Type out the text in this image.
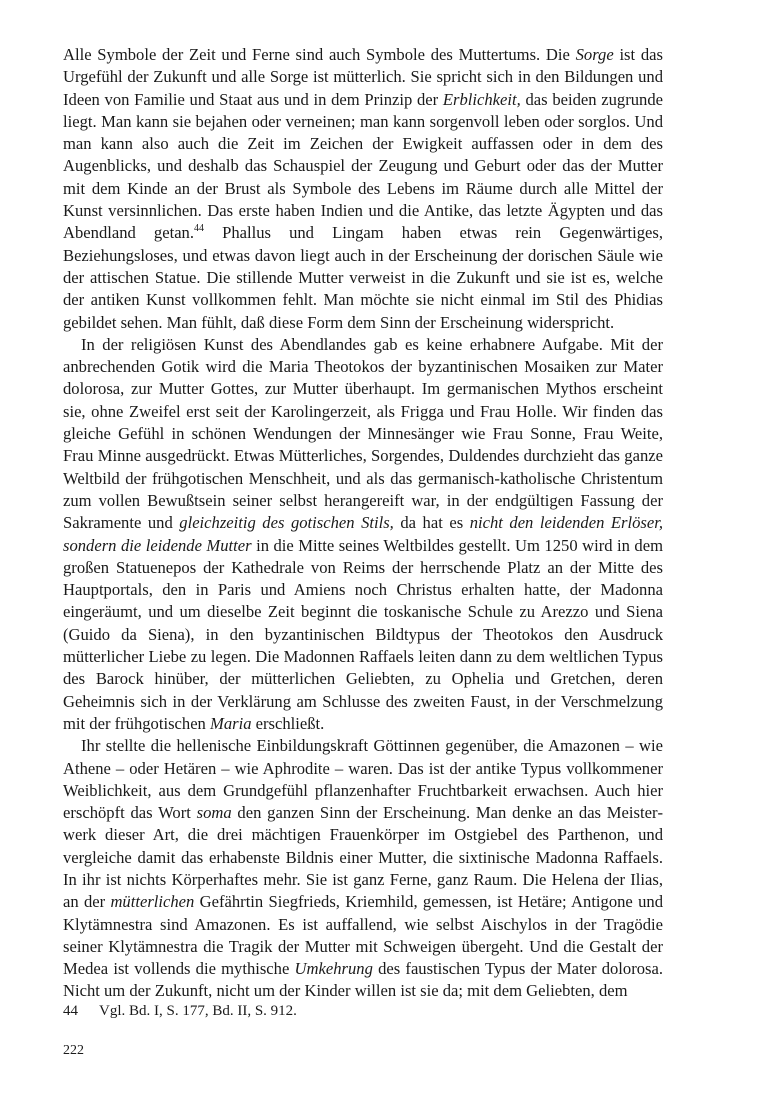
Alle Symbole der Zeit und Ferne sind auch Symbole des Muttertums. Die Sorge ist das Urgefühl der Zukunft und alle Sorge ist mütterlich. Sie spricht sich in den Bildungen und Ideen von Familie und Staat aus und in dem Prinzip der Erblichkeit, das beiden zugrunde liegt. Man kann sie bejahen oder verneinen; man kann sorgenvoll leben oder sorglos. Und man kann also auch die Zeit im Zeichen der Ewigkeit auffassen oder in dem des Augenblicks, und deshalb das Schauspiel der Zeugung und Geburt oder das der Mutter mit dem Kinde an der Brust als Symbole des Lebens im Räume durch alle Mittel der Kunst versinnlichen. Das erste haben Indien und die Antike, das letzte Ägypten und das Abendland getan.$^{44}$ Phallus und Lingam haben etwas rein Gegenwärtiges, Beziehungsloses, und etwas davon liegt auch in der Erscheinung der dorischen Säule wie der attischen Statue. Die stillende Mutter verweist in die Zukunft und sie ist es, welche der antiken Kunst vollkommen fehlt. Man möchte sie nicht einmal im Stil des Phidias gebildet sehen. Man fühlt, daß diese Form dem Sinn der Erscheinung widerspricht.

In der religiösen Kunst des Abendlandes gab es keine erhabnere Aufgabe. Mit der anbrechenden Gotik wird die Maria Theotokos der byzantinischen Mosaiken zur Mater dolorosa, zur Mutter Gottes, zur Mutter überhaupt. Im germanischen Mythos erscheint sie, ohne Zweifel erst seit der Karolingerzeit, als Frigga und Frau Holle. Wir finden das gleiche Gefühl in schönen Wendungen der Minnesänger wie Frau Sonne, Frau Weite, Frau Minne ausgedrückt. Etwas Mütterliches, Sorgendes, Duldendes durchzieht das ganze Weltbild der frühgotischen Menschheit, und als das germanisch-katholische Christentum zum vollen Bewußtsein seiner selbst herangereift war, in der endgültigen Fassung der Sakramente und gleichzeitig des gotischen Stils, da hat es nicht den leidenden Erlöser, sondern die leidende Mutter in die Mitte seines Weltbildes gestellt. Um 1250 wird in dem großen Statuenepos der Kathedrale von Reims der herrschende Platz an der Mitte des Hauptportals, den in Paris und Amiens noch Christus erhalten hatte, der Madonna eingeräumt, und um dieselbe Zeit beginnt die toskanische Schule zu Arezzo und Siena (Guido da Siena), in den byzantinischen Bildtypus der Theotokos den Ausdruck mütterlicher Liebe zu legen. Die Madonnen Raffaels leiten dann zu dem weltlichen Typus des Barock hinüber, der mütterlichen Geliebten, zu Ophelia und Gretchen, deren Geheimnis sich in der Verklärung am Schlusse des zweiten Faust, in der Verschmelzung mit der frühgotischen Maria erschließt.

Ihr stellte die hellenische Einbildungskraft Göttinnen gegenüber, die Amazonen – wie Athene – oder Hetären – wie Aphrodite – waren. Das ist der antike Typus vollkommener Weiblichkeit, aus dem Grundgefühl pflanzenhafter Fruchtbarkeit erwachsen. Auch hier erschöpft das Wort soma den ganzen Sinn der Erscheinung. Man denke an das Meisterwerk dieser Art, die drei mächtigen Frauenkörper im Ostgiebel des Parthenon, und vergleiche damit das erhabenste Bildnis einer Mutter, die sixtinische Madonna Raffaels. In ihr ist nichts Körperhaftes mehr. Sie ist ganz Ferne, ganz Raum. Die Helena der Ilias, an der mütterlichen Gefährtin Siegfrieds, Kriemhild, gemessen, ist Hetäre; Antigone und Klytämnestra sind Amazonen. Es ist auffallend, wie selbst Aischylos in der Tragödie seiner Klytämnestra die Tragik der Mutter mit Schweigen übergeht. Und die Gestalt der Medea ist vollends die mythische Umkehrung des faustischen Typus der Mater dolorosa. Nicht um der Zukunft, nicht um der Kinder willen ist sie da; mit dem Geliebten, dem

44 Vgl. Bd. I, S. 177, Bd. II, S. 912.
222
